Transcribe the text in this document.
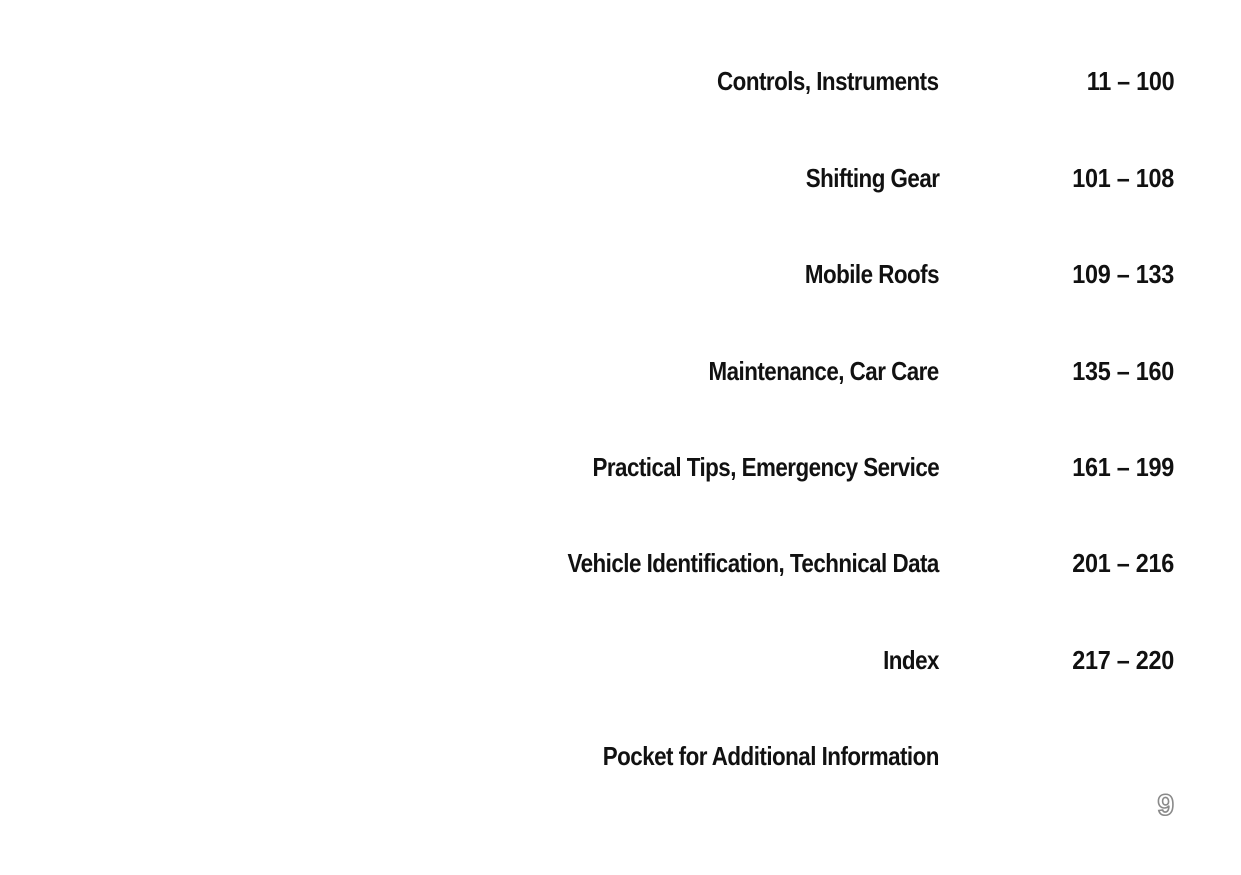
Controls, Instruments	11 – 100
Shifting Gear	101 – 108
Mobile Roofs	109 – 133
Maintenance, Car Care	135 – 160
Practical Tips, Emergency Service	161 – 199
Vehicle Identification, Technical Data	201 – 216
Index	217 – 220
Pocket for Additional Information
9
